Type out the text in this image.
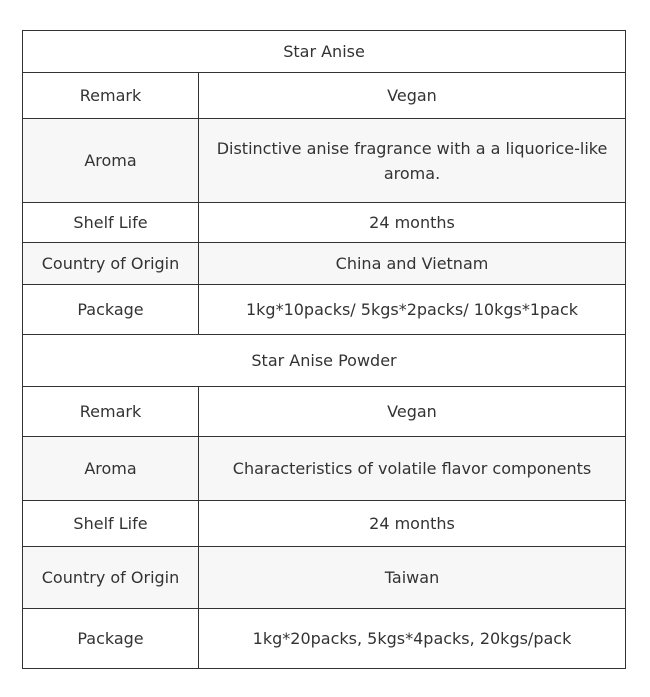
Star Anise	
Remark	Vegan
Aroma	Distinctive anise fragrance with a a liquorice-like aroma.
Shelf Life	24 months
Country of Origin	China and Vietnam
Package	1kg*10packs/ 5kgs*2packs/ 10kgs*1pack
Star Anise Powder	
Remark	Vegan
Aroma	Characteristics of volatile flavor components
Shelf Life	24 months
Country of Origin	Taiwan
Package	1kg*20packs, 5kgs*4packs, 20kgs/pack
